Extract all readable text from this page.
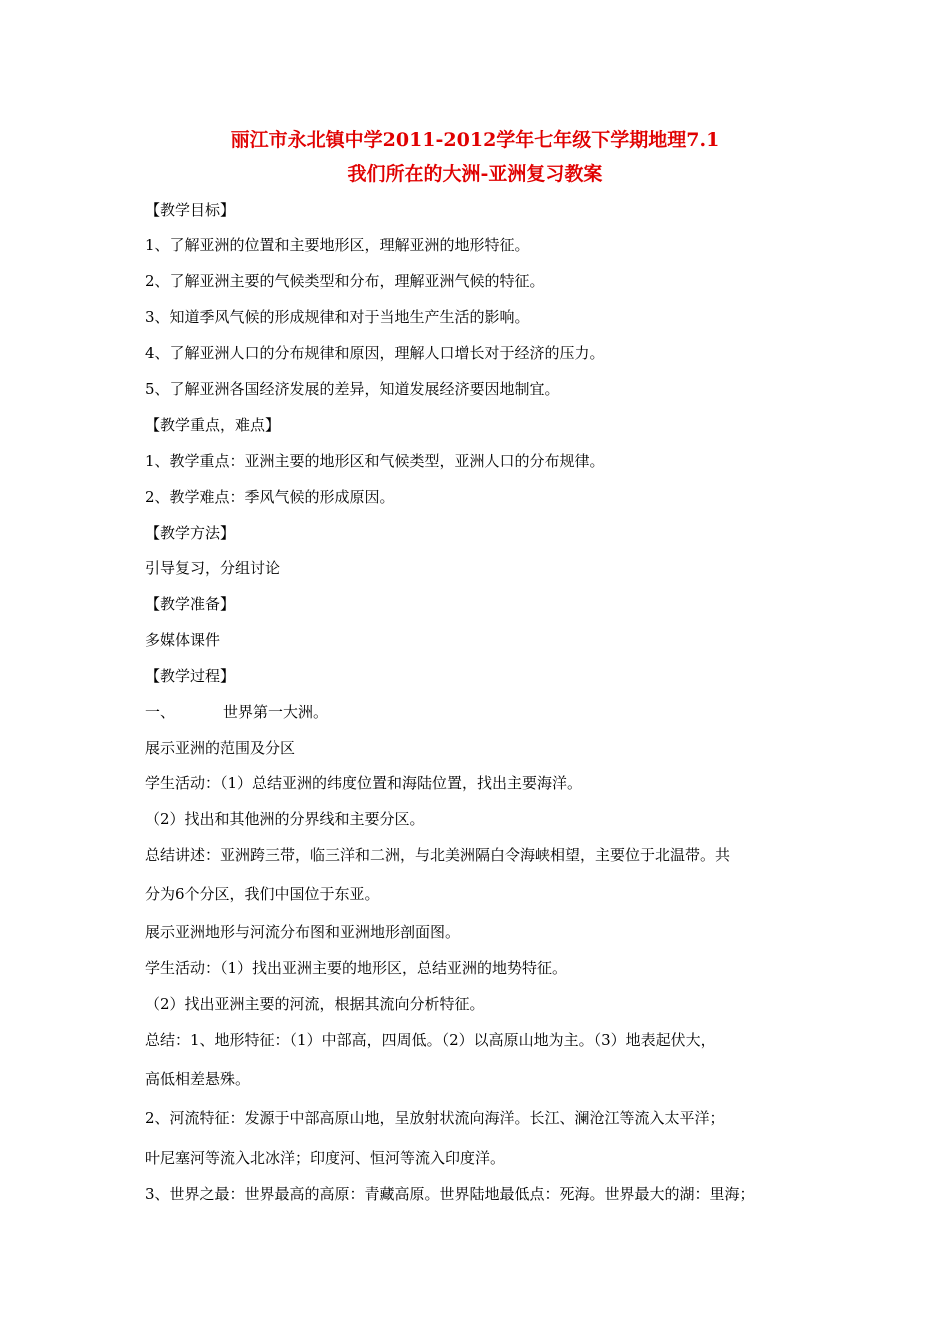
丽江市永北镇中学2011-2012学年七年级下学期地理7.1
我们所在的大洲-亚洲复习教案
【教学目标】
1、了解亚洲的位置和主要地形区，理解亚洲的地形特征。
2、了解亚洲主要的气候类型和分布，理解亚洲气候的特征。
3、知道季风气候的形成规律和对于当地生产生活的影响。
4、了解亚洲人口的分布规律和原因，理解人口增长对于经济的压力。
5、了解亚洲各国经济发展的差异，知道发展经济要因地制宜。
【教学重点，难点】
1、教学重点：亚洲主要的地形区和气候类型，亚洲人口的分布规律。
2、教学难点：季风气候的形成原因。
【教学方法】
引导复习，分组讨论
【教学准备】
多媒体课件
【教学过程】
一、	世界第一大洲。
展示亚洲的范围及分区
学生活动：（1）总结亚洲的纬度位置和海陆位置，找出主要海洋。
（2）找出和其他洲的分界线和主要分区。
总结讲述：亚洲跨三带，临三洋和二洲，与北美洲隔白令海峡相望，主要位于北温带。共
分为6个分区，我们中国位于东亚。
展示亚洲地形与河流分布图和亚洲地形剖面图。
学生活动：（1）找出亚洲主要的地形区，总结亚洲的地势特征。
（2）找出亚洲主要的河流，根据其流向分析特征。
总结：1、地形特征：（1）中部高，四周低。（2）以高原山地为主。（3）地表起伏大，
高低相差悬殊。
2、河流特征：发源于中部高原山地，呈放射状流向海洋。长江、澜沧江等流入太平洋；
叶尼塞河等流入北冰洋；印度河、恒河等流入印度洋。
3、世界之最：世界最高的高原：青藏高原。世界陆地最低点：死海。世界最大的湖：里海；
